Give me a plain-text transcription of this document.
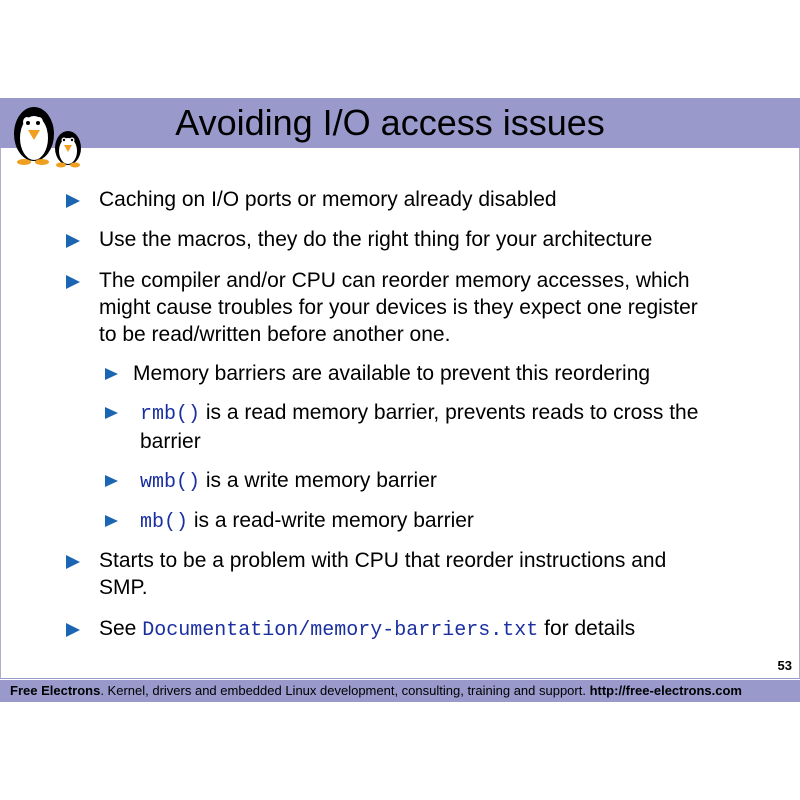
Avoiding I/O access issues
Caching on I/O ports or memory already disabled
Use the macros, they do the right thing for your architecture
The compiler and/or CPU can reorder memory accesses, which
might cause troubles for your devices is they expect one register
to be read/written before another one.
Memory barriers are available to prevent this reordering
rmb() is a read memory barrier, prevents reads to cross the
barrier
wmb() is a write memory barrier
mb() is a read-write memory barrier
Starts to be a problem with CPU that reorder instructions and
SMP.
See Documentation/memory-barriers.txt for details
53
Free Electrons. Kernel, drivers and embedded Linux development, consulting, training and support. http://free-electrons.com
